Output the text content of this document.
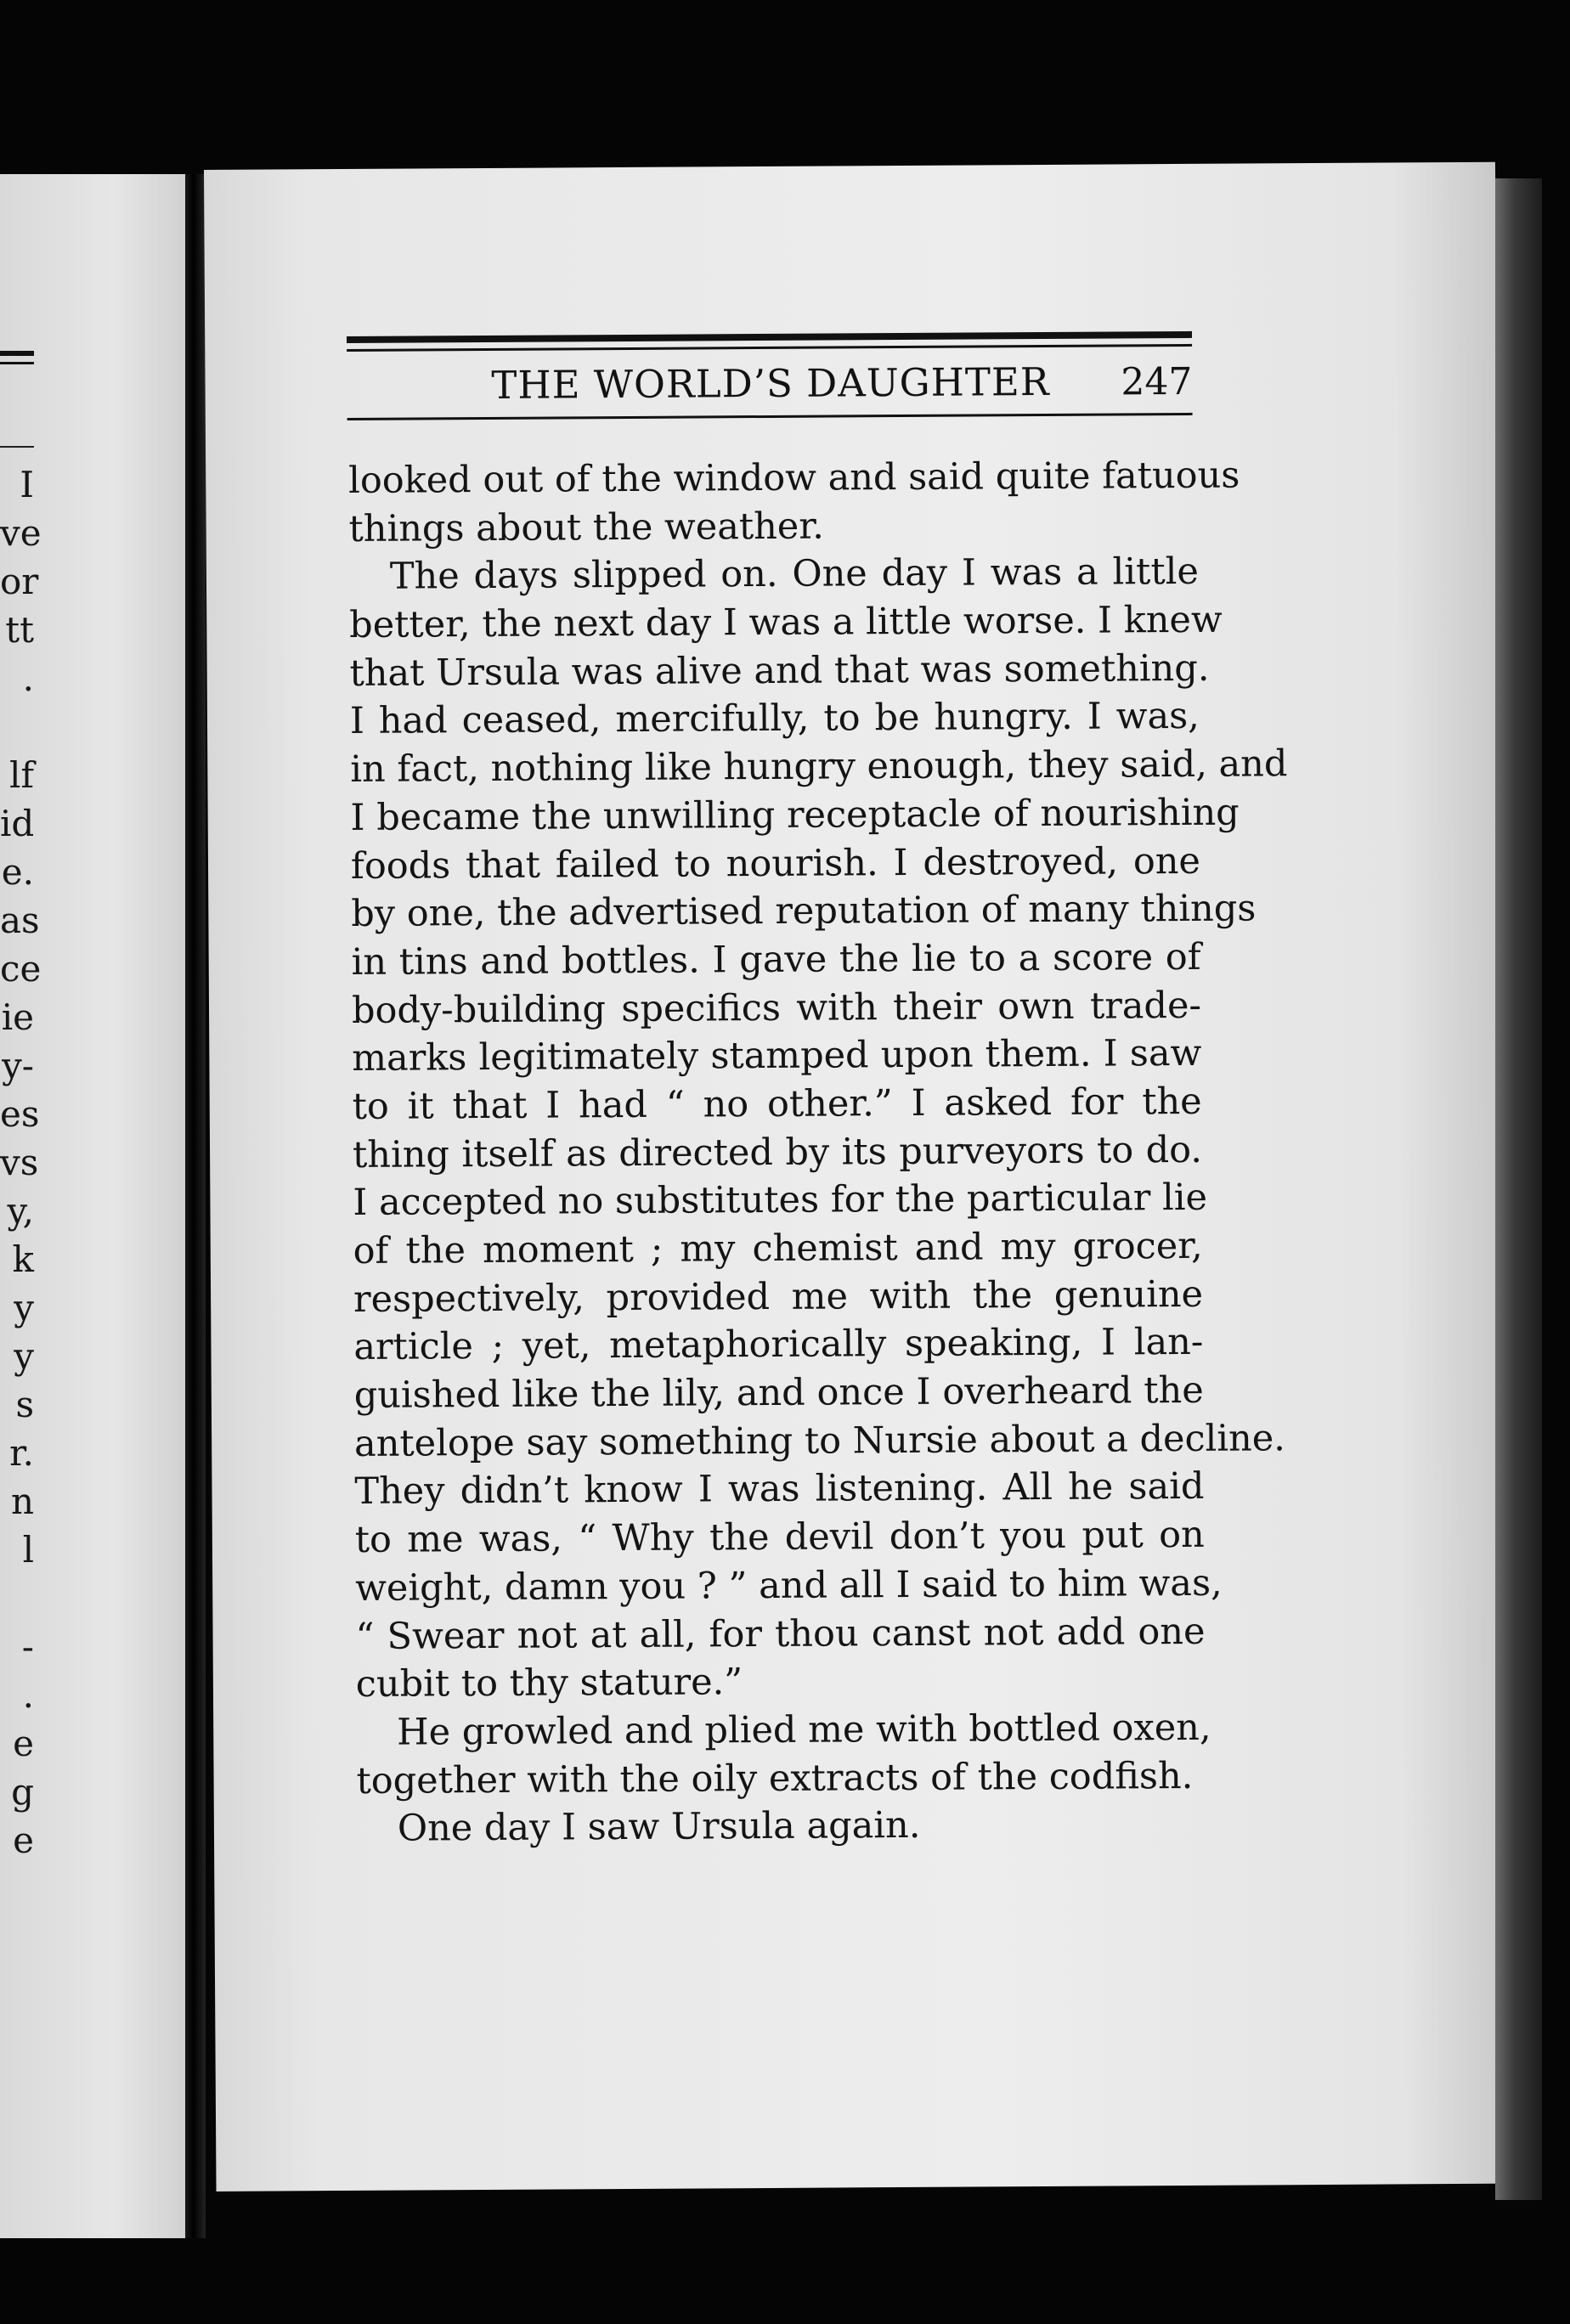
I
ve
or
tt
.
lf
id
e.
as
ce
ie
y-
es
vs
y,
k
y
y
s
r.
n
l
-
.
e
g
e
THE WORLD’S DAUGHTER 247
looked out of the window and said quite fatuous
things about the weather.
The days slipped on. One day I was a little
better, the next day I was a little worse. I knew
that Ursula was alive and that was something.
I had ceased, mercifully, to be hungry. I was,
in fact, nothing like hungry enough, they said, and
I became the unwilling receptacle of nourishing
foods that failed to nourish. I destroyed, one
by one, the advertised reputation of many things
in tins and bottles. I gave the lie to a score of
body-building specifics with their own trade-
marks legitimately stamped upon them. I saw
to it that I had “ no other.” I asked for the
thing itself as directed by its purveyors to do.
I accepted no substitutes for the particular lie
of the moment ; my chemist and my grocer,
respectively, provided me with the genuine
article ; yet, metaphorically speaking, I lan-
guished like the lily, and once I overheard the
antelope say something to Nursie about a decline.
They didn’t know I was listening. All he said
to me was, “ Why the devil don’t you put on
weight, damn you ? ” and all I said to him was,
“ Swear not at all, for thou canst not add one
cubit to thy stature.”
He growled and plied me with bottled oxen,
together with the oily extracts of the codfish.
One day I saw Ursula again.
